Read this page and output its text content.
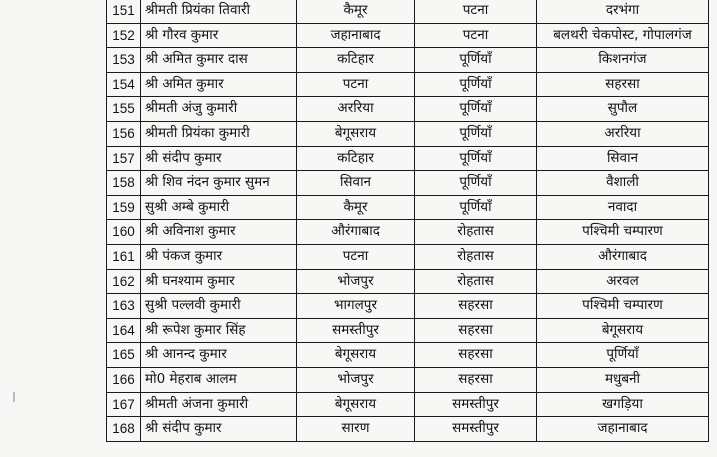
151	श्रीमती प्रियंका तिवारी	कैमूर	पटना	दरभंगा
152	श्री गौरव कुमार	जहानाबाद	पटना	बलथरी चेकपोस्ट, गोपालगंज
153	श्री अमित कुमार दास	कटिहार	पूर्णियाँ	किशनगंज
154	श्री अमित कुमार	पटना	पूर्णियाँ	सहरसा
155	श्रीमती अंजु कुमारी	अररिया	पूर्णियाँ	सुपौल
156	श्रीमती प्रियंका कुमारी	बेगूसराय	पूर्णियाँ	अररिया
157	श्री संदीप कुमार	कटिहार	पूर्णियाँ	सिवान
158	श्री शिव नंदन कुमार सुमन	सिवान	पूर्णियाँ	वैशाली
159	सुश्री अम्बे कुमारी	कैमूर	पूर्णियाँ	नवादा
160	श्री अविनाश कुमार	औरंगाबाद	रोहतास	पश्चिमी चम्पारण
161	श्री पंकज कुमार	पटना	रोहतास	औरंगाबाद
162	श्री घनश्याम कुमार	भोजपुर	रोहतास	अरवल
163	सुश्री पल्लवी कुमारी	भागलपुर	सहरसा	पश्चिमी चम्पारण
164	श्री रूपेश कुमार सिंह	समस्तीपुर	सहरसा	बेगूसराय
165	श्री आनन्द कुमार	बेगूसराय	सहरसा	पूर्णियाँ
166	मो0 मेहराब आलम	भोजपुर	सहरसा	मधुबनी
167	श्रीमती अंजना कुमारी	बेगूसराय	समस्तीपुर	खगड़िया
168	श्री संदीप कुमार	सारण	समस्तीपुर	जहानाबाद
